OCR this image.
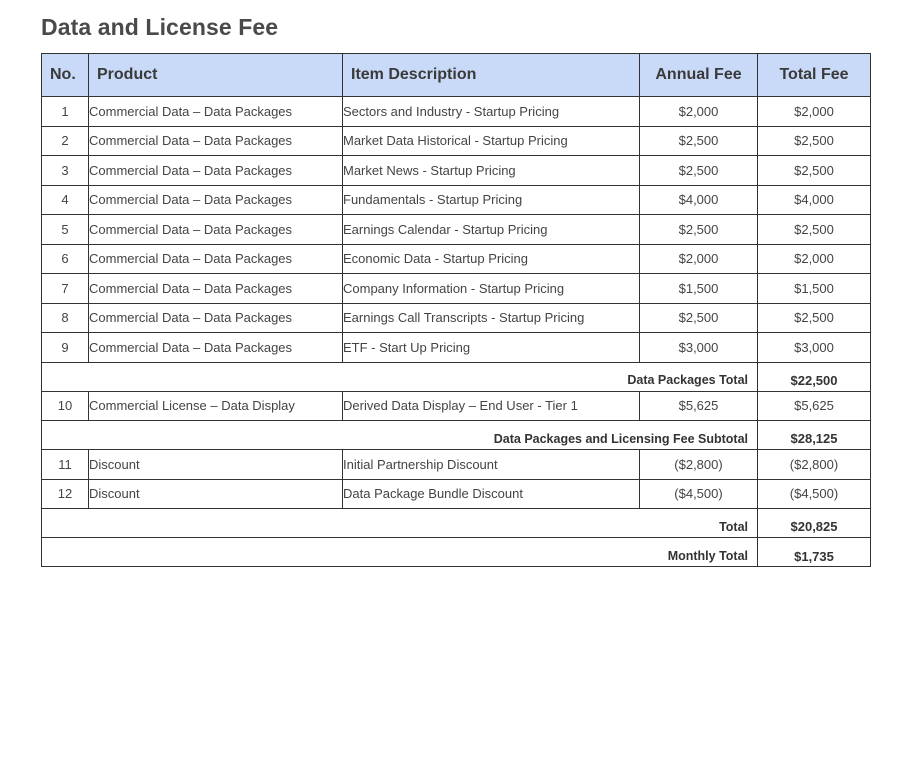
Data and License Fee
No.	Product	Item Description	Annual Fee	Total Fee
1	Commercial Data – Data Packages	Sectors and Industry - Startup Pricing	$2,000	$2,000
2	Commercial Data – Data Packages	Market Data Historical - Startup Pricing	$2,500	$2,500
3	Commercial Data – Data Packages	Market News - Startup Pricing	$2,500	$2,500
4	Commercial Data – Data Packages	Fundamentals - Startup Pricing	$4,000	$4,000
5	Commercial Data – Data Packages	Earnings Calendar - Startup Pricing	$2,500	$2,500
6	Commercial Data – Data Packages	Economic Data - Startup Pricing	$2,000	$2,000
7	Commercial Data – Data Packages	Company Information - Startup Pricing	$1,500	$1,500
8	Commercial Data – Data Packages	Earnings Call Transcripts - Startup Pricing	$2,500	$2,500
9	Commercial Data – Data Packages	ETF - Start Up Pricing	$3,000	$3,000
Data Packages Total				$22,500
10	Commercial License – Data Display	Derived Data Display – End User - Tier 1	$5,625	$5,625
Data Packages and Licensing Fee Subtotal				$28,125
11	Discount	Initial Partnership Discount	($2,800)	($2,800)
12	Discount	Data Package Bundle Discount	($4,500)	($4,500)
Total				$20,825
Monthly Total				$1,735
